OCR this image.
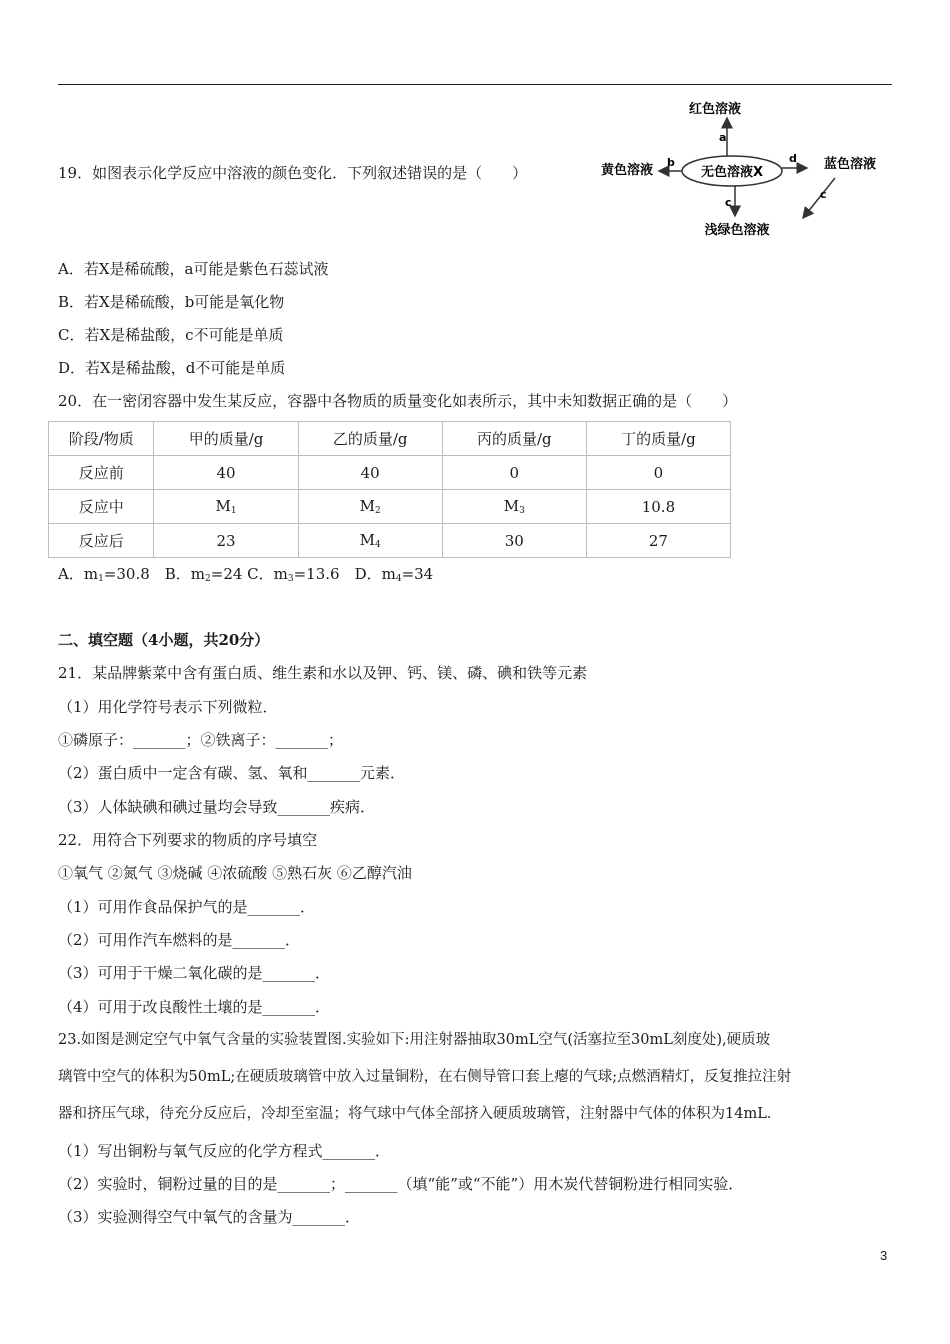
19．如图表示化学反应中溶液的颜色变化．下列叙述错误的是（　　）	无色溶液X
红色溶液
黄色溶液	蓝色溶液
浅绿色溶液
a
b	d
c
c
A．若X是稀硫酸，a可能是紫色石蕊试液
B．若X是稀硫酸，b可能是氧化物
C．若X是稀盐酸，c不可能是单质
D．若X是稀盐酸，d不可能是单质
20．在一密闭容器中发生某反应，容器中各物质的质量变化如表所示，其中未知数据正确的是（　　）
阶段/物质	甲的质量/g	乙的质量/g	丙的质量/g	丁的质量/g
反应前	40	40	0	0
反应中	$M_1$	$M_2$	$M_3$	10.8
反应后	23	$M_4$	30	27
A．$m_1=30.8$　B．$m_2=24$ C．$m_3=13.6$　D．$m_4=34$
二、填空题（4小题，共20分）
21．某品牌紫菜中含有蛋白质、维生素和水以及钾、钙、镁、磷、碘和铁等元素
（1）用化学符号表示下列微粒．
①磷原子：_______；②铁离子：_______；
（2）蛋白质中一定含有碳、氢、氧和_______元素．
（3）人体缺碘和碘过量均会导致_______疾病．
22．用符合下列要求的物质的序号填空
①氧气 ②氮气 ③烧碱 ④浓硫酸 ⑤熟石灰 ⑥乙醇汽油
（1）可用作食品保护气的是_______．
（2）可用作汽车燃料的是_______．
（3）可用于干燥二氧化碳的是_______．
（4）可用于改良酸性土壤的是_______．
23.如图是测定空气中氧气含量的实验装置图.实验如下:用注射器抽取30mL空气(活塞拉至30mL刻度处),硬质玻
璃管中空气的体积为50mL;在硬质玻璃管中放入过量铜粉，在右侧导管口套上瘪的气球;点燃酒精灯，反复推拉注射
器和挤压气球，待充分反应后，冷却至室温；将气球中气体全部挤入硬质玻璃管，注射器中气体的体积为14mL．
（1）写出铜粉与氧气反应的化学方程式_______．
（2）实验时，铜粉过量的目的是_______；_______（填“能”或“不能”）用木炭代替铜粉进行相同实验．
（3）实验测得空气中氧气的含量为_______．
3
